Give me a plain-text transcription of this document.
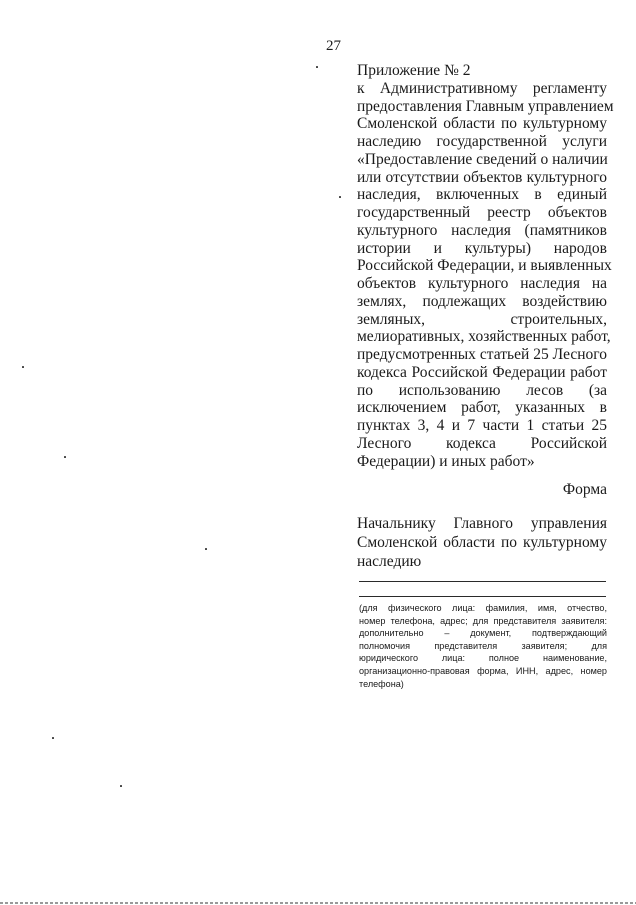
27
Приложение № 2
к Административному регламенту
предоставления Главным управлением
Смоленской области по культурному
наследию государственной услуги
«Предоставление сведений о наличии
или отсутствии объектов культурного
наследия, включенных в единый
государственный реестр объектов
культурного наследия (памятников
истории и культуры) народов
Российской Федерации, и выявленных
объектов культурного наследия на
землях, подлежащих воздействию
земляных, строительных,
мелиоративных, хозяйственных работ,
предусмотренных статьей 25 Лесного
кодекса Российской Федерации работ
по использованию лесов (за
исключением работ, указанных в
пунктах 3, 4 и 7 части 1 статьи 25
Лесного кодекса Российской
Федерации) и иных работ»
Форма
Начальнику Главного управления
Смоленской области по культурному
наследию
(для физического лица: фамилия, имя, отчество,
номер телефона, адрес; для представителя заявителя:
дополнительно – документ, подтверждающий
полномочия представителя заявителя; для
юридического лица: полное наименование,
организационно-правовая форма, ИНН, адрес, номер
телефона)
